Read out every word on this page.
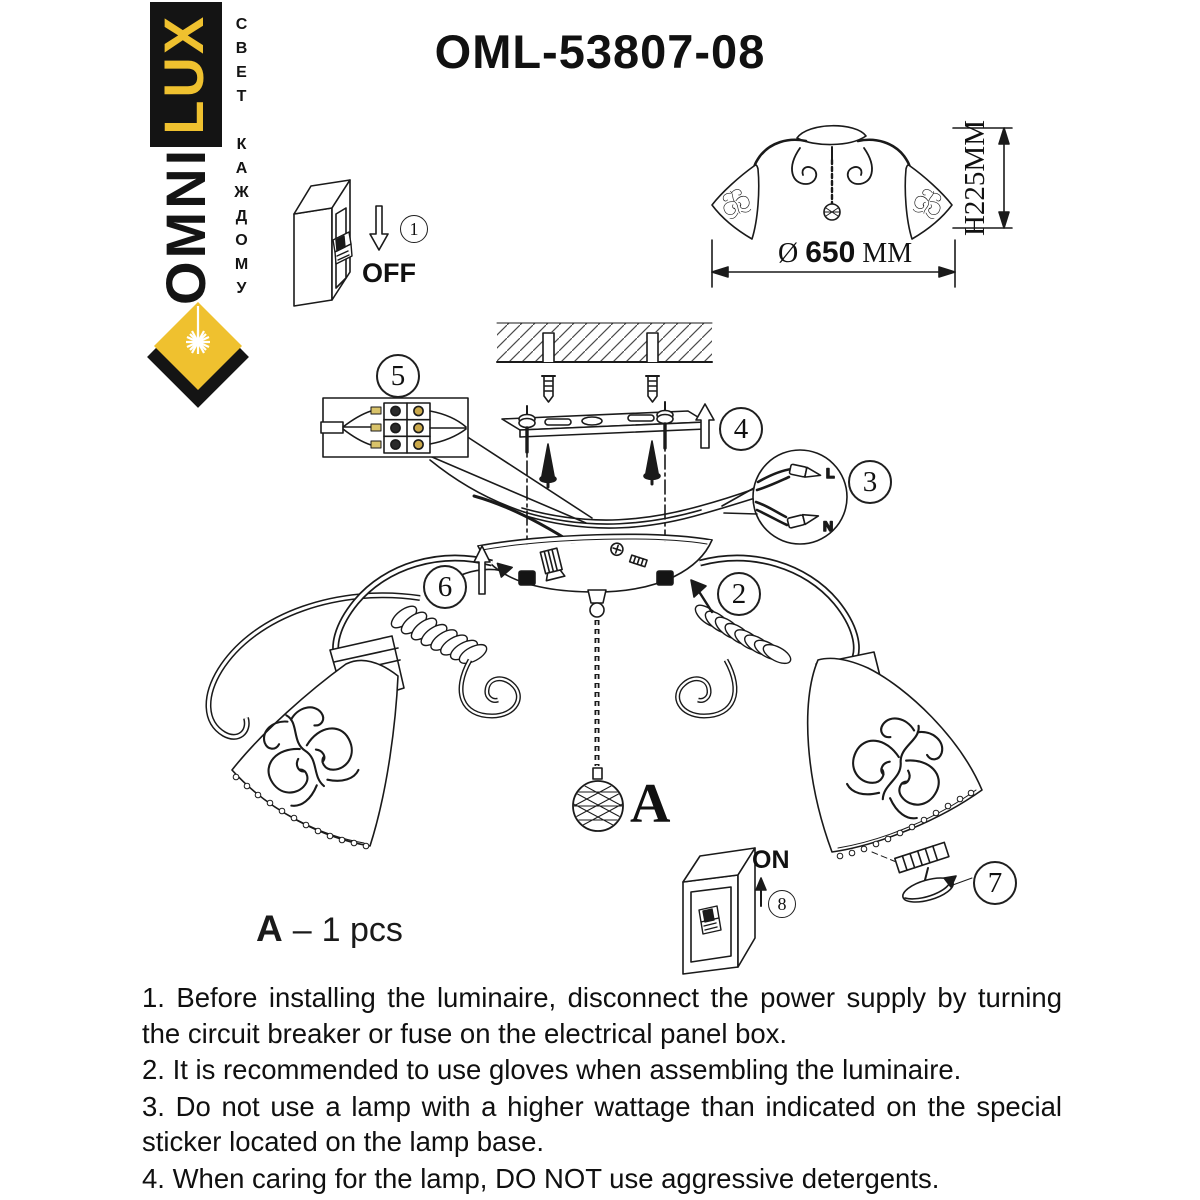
L
N
OML-53807-08
OMNI
LUX	СВЕТ КАЖДОМУ	OFF
ON
Ø 650 MM
H225MM
1
2
3
4
5
6
7
8
A
A – 1 pcs

1. Before installing the luminaire, disconnect the power supply by turning the circuit breaker or fuse on the electrical panel box.

2. It is recommended to use gloves when assembling the luminaire.

3. Do not use a lamp with a higher wattage than indicated on the special sticker located on the lamp base.

4. When caring for the lamp, DO NOT use aggressive detergents.
